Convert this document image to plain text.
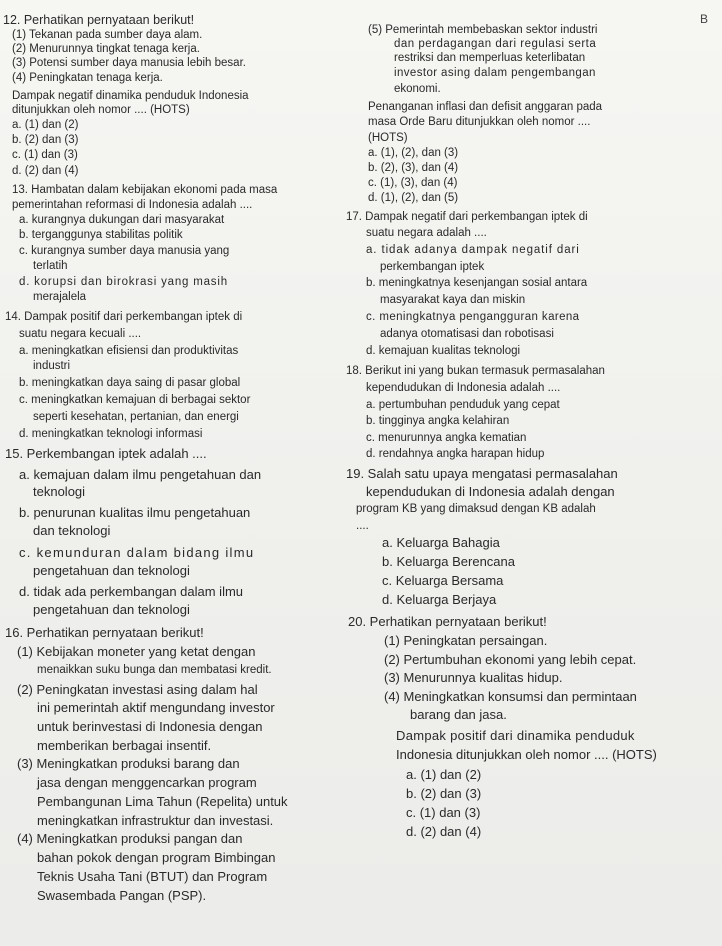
B
12. Perhatikan pernyataan berikut!
(1) Tekanan pada sumber daya alam.
(2) Menurunnya tingkat tenaga kerja.
(3) Potensi sumber daya manusia lebih besar.
(4) Peningkatan tenaga kerja.
Dampak negatif dinamika penduduk Indonesia
ditunjukkan oleh nomor .... (HOTS)
a. (1) dan (2)
b. (2) dan (3)
c. (1) dan (3)
d. (2) dan (4)
13. Hambatan dalam kebijakan ekonomi pada masa
pemerintahan reformasi di Indonesia adalah ....
a. kurangnya dukungan dari masyarakat
b. terganggunya stabilitas politik
c. kurangnya sumber daya manusia yang
terlatih
d. korupsi dan birokrasi yang masih
merajalela
14. Dampak positif dari perkembangan iptek di
suatu negara kecuali ....
a. meningkatkan efisiensi dan produktivitas
industri
b. meningkatkan daya saing di pasar global
c. meningkatkan kemajuan di berbagai sektor
seperti kesehatan, pertanian, dan energi
d. meningkatkan teknologi informasi
15. Perkembangan iptek adalah ....
a. kemajuan dalam ilmu pengetahuan dan
teknologi
b. penurunan kualitas ilmu pengetahuan
dan teknologi
c. kemunduran dalam bidang ilmu
pengetahuan dan teknologi
d. tidak ada perkembangan dalam ilmu
pengetahuan dan teknologi
16. Perhatikan pernyataan berikut!
(1) Kebijakan moneter yang ketat dengan
menaikkan suku bunga dan membatasi kredit.
(2) Peningkatan investasi asing dalam hal
ini pemerintah aktif mengundang investor
untuk berinvestasi di Indonesia dengan
memberikan berbagai insentif.
(3) Meningkatkan produksi barang dan
jasa dengan menggencarkan program
Pembangunan Lima Tahun (Repelita) untuk
meningkatkan infrastruktur dan investasi.
(4) Meningkatkan produksi pangan dan
bahan pokok dengan program Bimbingan
Teknis Usaha Tani (BTUT) dan Program
Swasembada Pangan (PSP).
(5) Pemerintah membebaskan sektor industri
dan perdagangan dari regulasi serta
restriksi dan memperluas keterlibatan
investor asing dalam pengembangan
ekonomi.
Penanganan inflasi dan defisit anggaran pada
masa Orde Baru ditunjukkan oleh nomor ....
(HOTS)
a. (1), (2), dan (3)
b. (2), (3), dan (4)
c. (1), (3), dan (4)
d. (1), (2), dan (5)
17. Dampak negatif dari perkembangan iptek di
suatu negara adalah ....
a. tidak adanya dampak negatif dari
perkembangan iptek
b. meningkatnya kesenjangan sosial antara
masyarakat kaya dan miskin
c. meningkatnya pengangguran karena
adanya otomatisasi dan robotisasi
d. kemajuan kualitas teknologi
18. Berikut ini yang bukan termasuk permasalahan
kependudukan di Indonesia adalah ....
a. pertumbuhan penduduk yang cepat
b. tingginya angka kelahiran
c. menurunnya angka kematian
d. rendahnya angka harapan hidup
19. Salah satu upaya mengatasi permasalahan
kependudukan di Indonesia adalah dengan
program KB yang dimaksud dengan KB adalah
....
a. Keluarga Bahagia
b. Keluarga Berencana
c. Keluarga Bersama
d. Keluarga Berjaya
20. Perhatikan pernyataan berikut!
(1) Peningkatan persaingan.
(2) Pertumbuhan ekonomi yang lebih cepat.
(3) Menurunnya kualitas hidup.
(4) Meningkatkan konsumsi dan permintaan
barang dan jasa.
Dampak positif dari dinamika penduduk
Indonesia ditunjukkan oleh nomor .... (HOTS)
a. (1) dan (2)
b. (2) dan (3)
c. (1) dan (3)
d. (2) dan (4)
